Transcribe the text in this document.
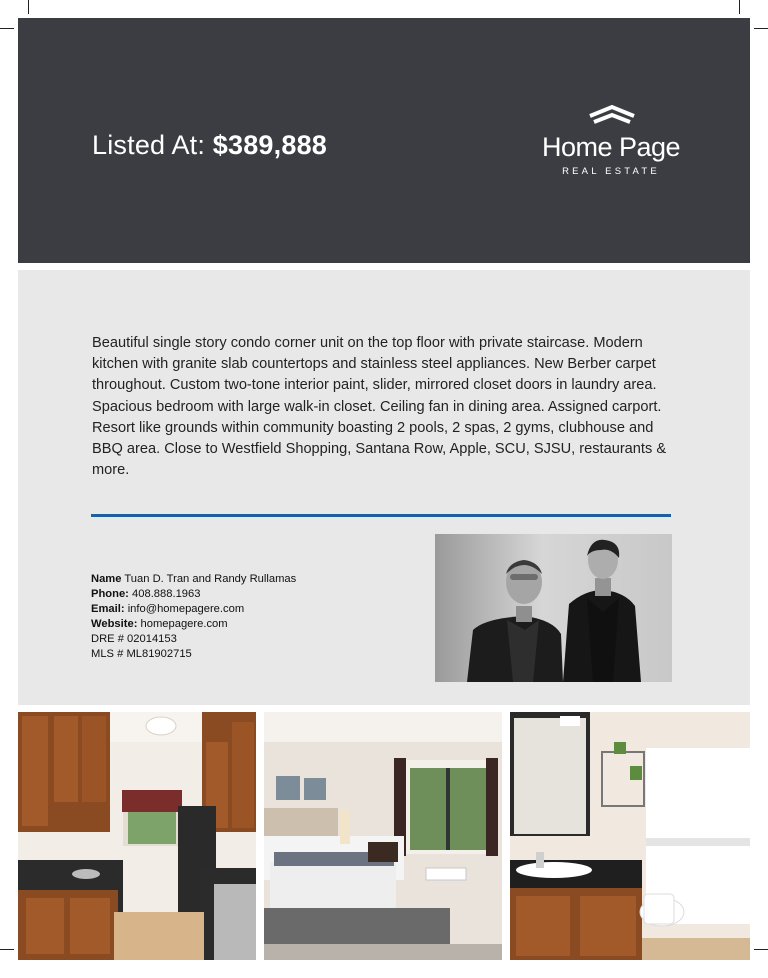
Listed At: $389,888	Home Page
REAL ESTATE
Beautiful single story condo corner unit on the top floor with private staircase. Modern kitchen with granite slab countertops and stainless steel appliances. New Berber carpet throughout. Custom two-tone interior paint, slider, mirrored closet doors in laundry area. Spacious bedroom with large walk-in closet. Ceiling fan in dining area. Assigned carport. Resort like grounds within community boasting 2 pools, 2 spas, 2 gyms, clubhouse and BBQ area. Close to Westfield Shopping, Santana Row, Apple, SCU, SJSU, restaurants & more.
Name Tuan D. Tran and Randy Rullamas
Phone: 408.888.1963
Email: info@homepagere.com
Website: homepagere.com
DRE # 02014153
MLS # ML81902715
